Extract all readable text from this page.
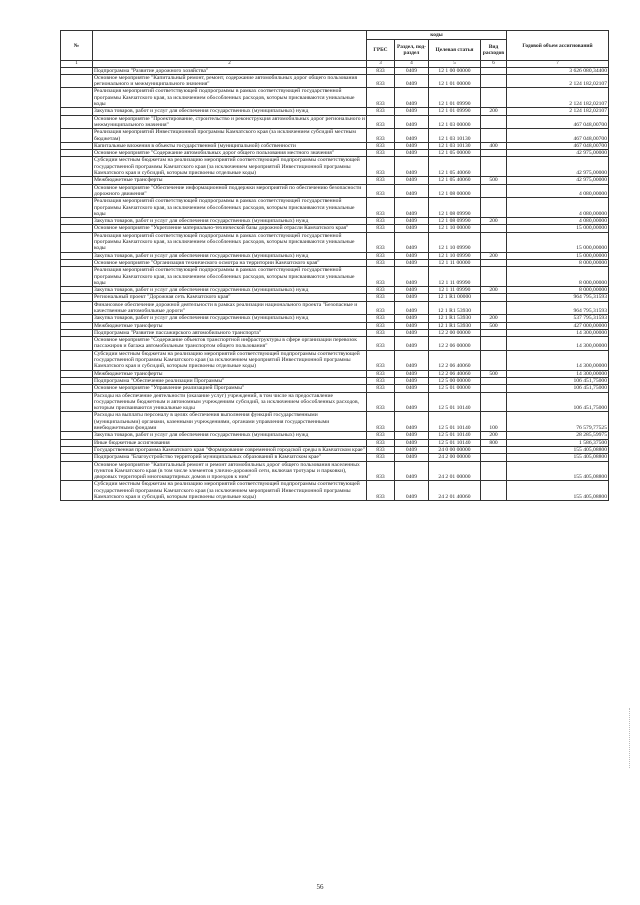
№		коды				Годовой объем ассигнований
		ГРБС	Раздел, под-раздел	Целевая статья	Вид расходов	
1	2	3	4	5	6	7
	Подпрограмма "Развитие дорожного хозяйства"	833	0409	12 1 00 00000		3 626 080,34400
	Основное мероприятие "Капитальный ремонт, ремонт, содержание автомобильных дорог общего пользования регионального и межмуниципального значения"	833	0409	12 1 01 00000		2 124 182,02107
	Реализация мероприятий соответствующей подпрограммы в рамках соответствующей государственной программы Камчатского края, за исключением обособленных расходов, которым присваиваются уникальные коды	833	0409	12 1 01 09990		2 124 182,02107
	Закупка товаров, работ и услуг для обеспечения государственных (муниципальных) нужд	833	0409	12 1 01 09990	200	2 124 182,02107
	Основное мероприятие "Проектирование, строительство и реконструкция автомобильных дорог регионального и межмуниципального значения"	833	0409	12 1 03 00000		467 048,00700
	Реализация мероприятий Инвестиционной программы Камчатского края (за исключением субсидий местным бюджетам)	833	0409	12 1 03 10130		467 048,00700
	Капитальные вложения в объекты государственной (муниципальной) собственности	833	0409	12 1 03 10130	400	467 048,00700
	Основное мероприятие "Содержание автомобильных дорог общего пользования местного значения"	833	0409	12 1 05 00000		42 975,00000
	Субсидии местным бюджетам на реализацию мероприятий соответствующей подпрограммы соответствующей государственной программы Камчатского края (за исключением мероприятий Инвестиционной программы Камчатского края и субсидий, которым присвоены отдельные коды)	833	0409	12 1 05 40060		42 975,00000
	Межбюджетные трансферты	833	0409	12 1 05 40060	500	42 975,00000
	Основное мероприятие "Обеспечение информационной поддержки мероприятий по обеспечению безопасности дорожного движения"	833	0409	12 1 08 00000		4 080,00000
	Реализация мероприятий соответствующей подпрограммы в рамках соответствующей государственной программы Камчатского края, за исключением обособленных расходов, которым присваиваются уникальные коды	833	0409	12 1 08 09990		4 080,00000
	Закупка товаров, работ и услуг для обеспечения государственных (муниципальных) нужд	833	0409	12 1 08 09990	200	4 080,00000
	Основное мероприятие "Укрепление материально-технической базы дорожной отрасли Камчатского края"	833	0409	12 1 10 00000		15 000,00000
	Реализация мероприятий соответствующей подпрограммы в рамках соответствующей государственной программы Камчатского края, за исключением обособленных расходов, которым присваиваются уникальные коды	833	0409	12 1 10 09990		15 000,00000
	Закупка товаров, работ и услуг для обеспечения государственных (муниципальных) нужд	833	0409	12 1 10 09990	200	15 000,00000
	Основное мероприятие "Организация технического осмотра на территории Камчатского края"	833	0409	12 1 11 00000		8 000,00000
	Реализация мероприятий соответствующей подпрограммы в рамках соответствующей государственной программы Камчатского края, за исключением обособленных расходов, которым присваиваются уникальные коды	833	0409	12 1 11 09990		8 000,00000
	Закупка товаров, работ и услуг для обеспечения государственных (муниципальных) нужд	833	0409	12 1 11 09990	200	8 000,00000
	Региональный проект "Дорожная сеть Камчатского края"	833	0409	12 1 R1 00000		964 795,31593
	Финансовое обеспечение дорожной деятельности в рамках реализации национального проекта "Безопасные и качественные автомобильные дороги"	833	0409	12 1 R1 53930		964 795,31593
	Закупка товаров, работ и услуг для обеспечения государственных (муниципальных) нужд	833	0409	12 1 R1 53930	200	537 795,31593
	Межбюджетные трансферты	833	0409	12 1 R1 53930	500	427 000,00000
	Подпрограмма "Развитие пассажирского автомобильного транспорта"	833	0409	12 2 00 00000		14 300,00000
	Основное мероприятие "Содержание объектов транспортной инфраструктуры в сфере организации перевозок пассажиров и багажа автомобильным транспортом общего пользования"	833	0409	12 2 06 00000		14 300,00000
	Субсидии местным бюджетам на реализацию мероприятий соответствующей подпрограммы соответствующей государственной программы Камчатского края (за исключением мероприятий Инвестиционной программы Камчатского края и субсидий, которым присвоены отдельные коды)	833	0409	12 2 06 40060		14 300,00000
	Межбюджетные трансферты	833	0409	12 2 06 40060	500	14 300,00000
	Подпрограмма "Обеспечение реализации Программы"	833	0409	12 5 00 00000		106 451,75000
	Основное мероприятие "Управление реализацией Программы"	833	0409	12 5 01 00000		106 451,75000
	Расходы на обеспечение деятельности (оказание услуг) учреждений, в том числе на предоставление государственным бюджетным и автономным учреждениям субсидий, за исключением обособленных расходов, которым присваиваются уникальные коды	833	0409	12 5 01 10140		106 451,75000
	Расходы на выплаты персоналу в целях обеспечения выполнения функций государственными (муниципальными) органами, казенными учреждениями, органами управления государственными внебюджетными фондами	833	0409	12 5 01 10140	100	76 579,77525
	Закупка товаров, работ и услуг для обеспечения государственных (муниципальных) нужд	833	0409	12 5 01 10140	200	28 285,59975
	Иные бюджетные ассигнования	833	0409	12 5 01 10140	800	1 586,37500
	Государственная программа Камчатского края "Формирование современной городской среды в Камчатском крае"	833	0409	24 0 00 00000		155 405,08800
	Подпрограмма "Благоустройство территорий муниципальных образований в Камчатском крае"	833	0409	24 2 00 00000		155 405,08800
	Основное мероприятие "Капитальный ремонт и ремонт автомобильных дорог общего пользования населенных пунктов Камчатского края (в том числе элементов улично-дорожной сети, включая тротуары и парковки), дворовых территорий многоквартирных домов и проездов к ним"	833	0409	24 2 01 00000		155 405,08800
	Субсидии местным бюджетам на реализацию мероприятий соответствующей подпрограммы соответствующей государственной программы Камчатского края (за исключением мероприятий Инвестиционной программы Камчатского края и субсидий, которым присвоены отдельные коды)	833	0409	24 2 01 40060		155 405,08800
56
